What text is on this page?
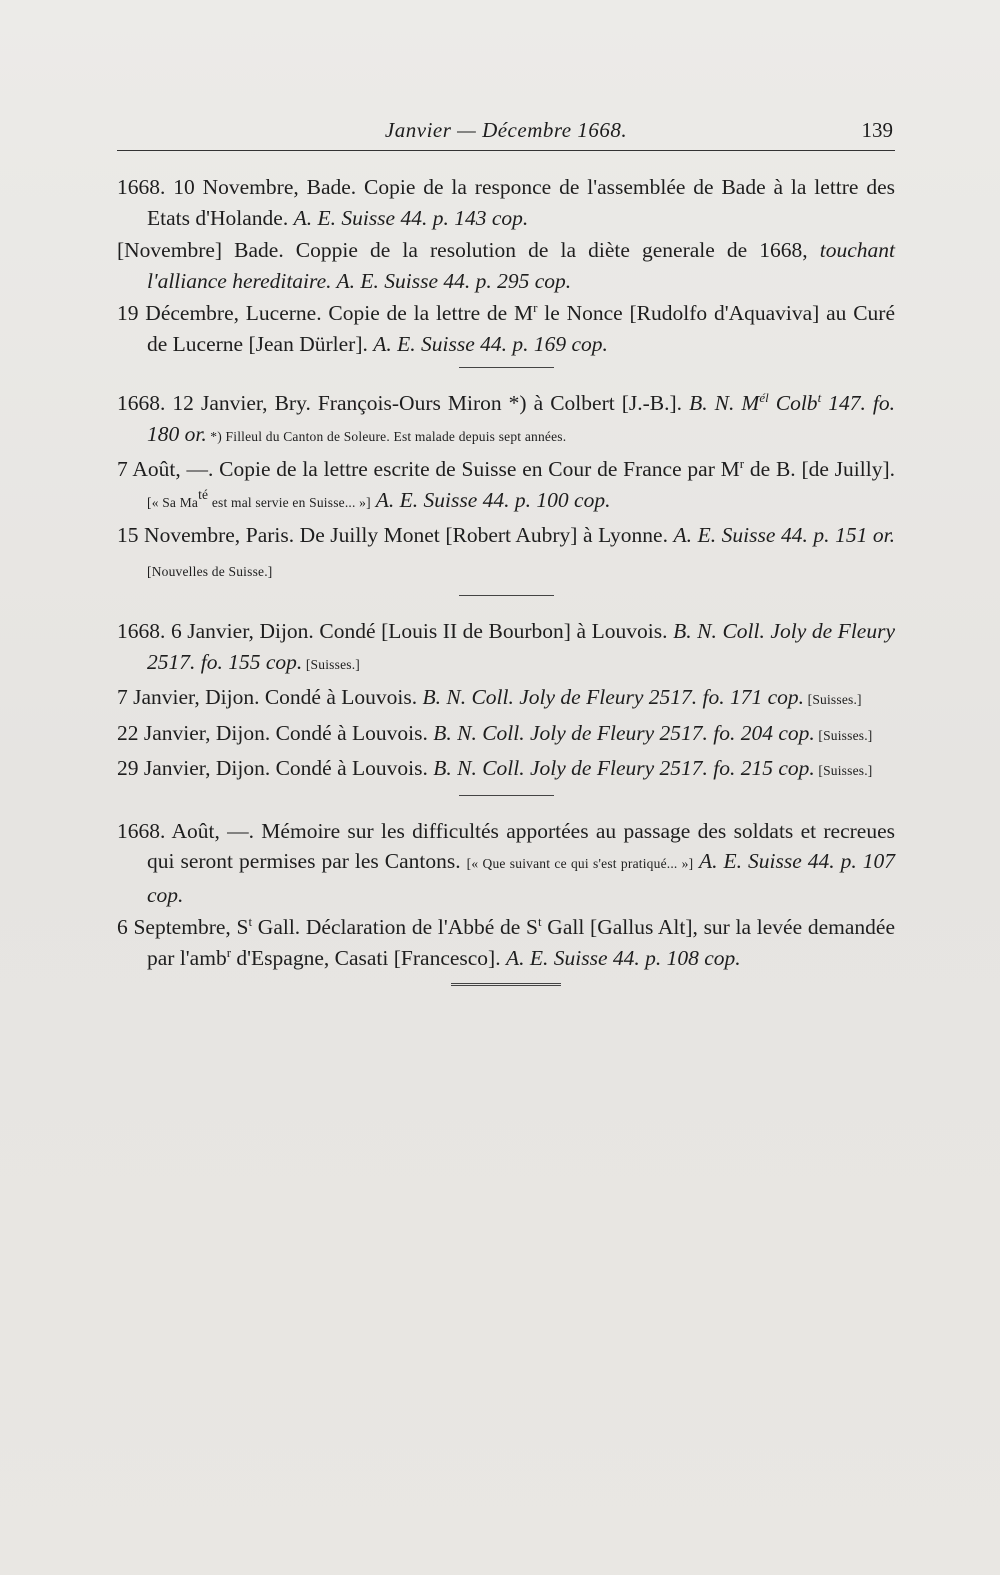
Janvier — Décembre 1668.	139

1668. 10 Novembre, Bade. Copie de la responce de l'assemblée de Bade à la lettre des Etats d'Holande. A. E. Suisse 44. p. 143 cop.

[Novembre] Bade. Coppie de la resolution de la diète generale de 1668, touchant l'alliance hereditaire. A. E. Suisse 44. p. 295 cop.

19 Décembre, Lucerne. Copie de la lettre de $M^r$ le Nonce [Rudolfo d'Aquaviva] au Curé de Lucerne [Jean Dürler]. A. E. Suisse 44. p. 169 cop.

1668. 12 Janvier, Bry. François-Ours Miron *) à Colbert [J.-B.]. B. N. $M^{él}$ Colb$^t$ 147. fo. 180 or. *) Filleul du Canton de Soleure. Est malade depuis sept années.

7 Août, —. Copie de la lettre escrite de Suisse en Cour de France par $M^r$ de B. [de Juilly]. [« Sa Ma$^{té}$ est mal servie en Suisse... »] A. E. Suisse 44. p. 100 cop.

15 Novembre, Paris. De Juilly Monet [Robert Aubry] à Lyonne. A. E. Suisse 44. p. 151 or. [Nouvelles de Suisse.]

1668. 6 Janvier, Dijon. Condé [Louis II de Bourbon] à Louvois. B. N. Coll. Joly de Fleury 2517. fo. 155 cop. [Suisses.]

7 Janvier, Dijon. Condé à Louvois. B. N. Coll. Joly de Fleury 2517. fo. 171 cop. [Suisses.]

22 Janvier, Dijon. Condé à Louvois. B. N. Coll. Joly de Fleury 2517. fo. 204 cop. [Suisses.]

29 Janvier, Dijon. Condé à Louvois. B. N. Coll. Joly de Fleury 2517. fo. 215 cop. [Suisses.]

1668. Août, —. Mémoire sur les difficultés apportées au passage des soldats et recreues qui seront permises par les Cantons. [« Que suivant ce qui s'est pratiqué... »] A. E. Suisse 44. p. 107 cop.

6 Septembre, $S^t$ Gall. Déclaration de l'Abbé de $S^t$ Gall [Gallus Alt], sur la levée demandée par l'amb$^r$ d'Espagne, Casati [Francesco]. A. E. Suisse 44. p. 108 cop.
